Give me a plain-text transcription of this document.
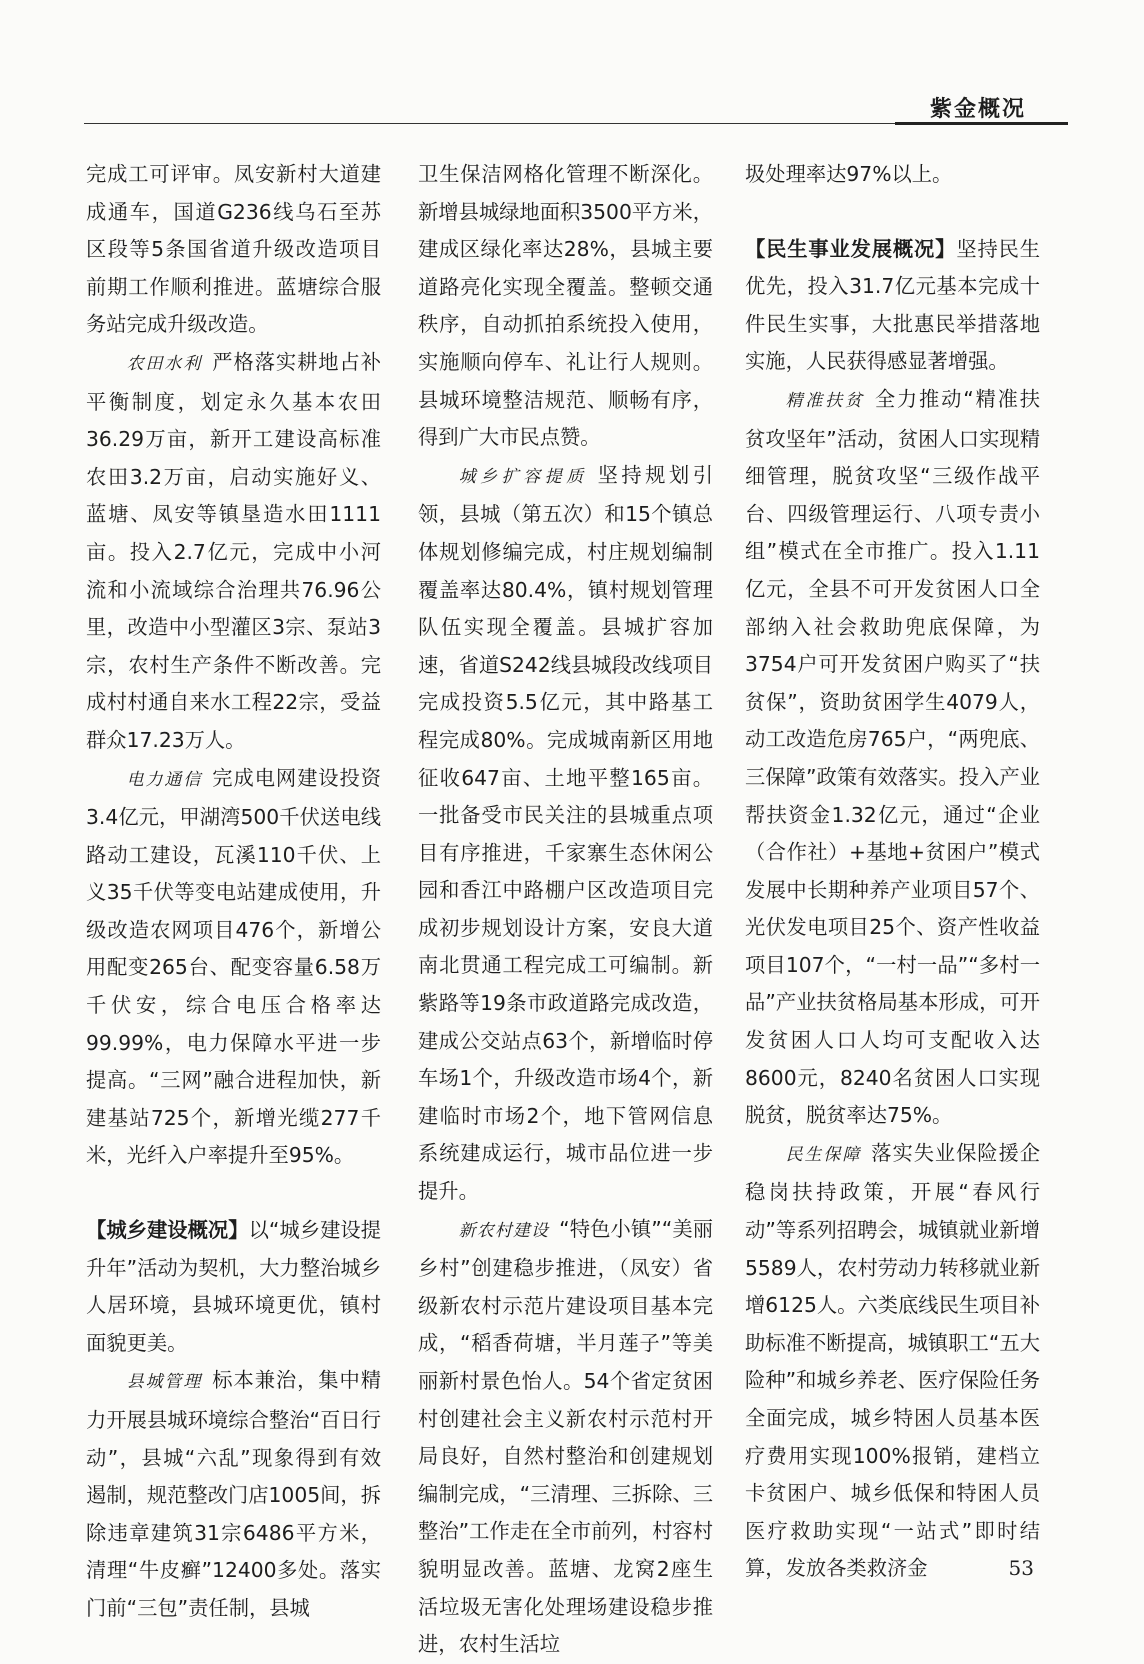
紫金概况

完成工可评审。凤安新村大道建成通车，国道G236线乌石至苏区段等5条国省道升级改造项目前期工作顺利推进。蓝塘综合服务站完成升级改造。

农田水利 严格落实耕地占补平衡制度，划定永久基本农田36.29万亩，新开工建设高标准农田3.2万亩，启动实施好义、蓝塘、凤安等镇垦造水田1111亩。投入2.7亿元，完成中小河流和小流域综合治理共76.96公里，改造中小型灌区3宗、泵站3宗，农村生产条件不断改善。完成村村通自来水工程22宗，受益群众17.23万人。

电力通信 完成电网建设投资3.4亿元，甲湖湾500千伏送电线路动工建设，瓦溪110千伏、上义35千伏等变电站建成使用，升级改造农网项目476个，新增公用配变265台、配变容量6.58万千伏安，综合电压合格率达99.99%，电力保障水平进一步提高。“三网”融合进程加快，新建基站725个，新增光缆277千米，光纤入户率提升至95%。

【城乡建设概况】以“城乡建设提升年”活动为契机，大力整治城乡人居环境，县城环境更优，镇村面貌更美。

县城管理 标本兼治，集中精力开展县城环境综合整治“百日行动”，县城“六乱”现象得到有效遏制，规范整改门店1005间，拆除违章建筑31宗6486平方米，清理“牛皮癣”12400多处。落实门前“三包”责任制，县城

卫生保洁网格化管理不断深化。新增县城绿地面积3500平方米，建成区绿化率达28%，县城主要道路亮化实现全覆盖。整顿交通秩序，自动抓拍系统投入使用，实施顺向停车、礼让行人规则。县城环境整洁规范、顺畅有序，得到广大市民点赞。

城乡扩容提质 坚持规划引领，县城（第五次）和15个镇总体规划修编完成，村庄规划编制覆盖率达80.4%，镇村规划管理队伍实现全覆盖。县城扩容加速，省道S242线县城段改线项目完成投资5.5亿元，其中路基工程完成80%。完成城南新区用地征收647亩、土地平整165亩。一批备受市民关注的县城重点项目有序推进，千家寨生态休闲公园和香江中路棚户区改造项目完成初步规划设计方案，安良大道南北贯通工程完成工可编制。新紫路等19条市政道路完成改造，建成公交站点63个，新增临时停车场1个，升级改造市场4个，新建临时市场2个，地下管网信息系统建成运行，城市品位进一步提升。

新农村建设 “特色小镇”“美丽乡村”创建稳步推进，（凤安）省级新农村示范片建设项目基本完成，“稻香荷塘，半月莲子”等美丽新村景色怡人。54个省定贫困村创建社会主义新农村示范村开局良好，自然村整治和创建规划编制完成，“三清理、三拆除、三整治”工作走在全市前列，村容村貌明显改善。蓝塘、龙窝2座生活垃圾无害化处理场建设稳步推进，农村生活垃

圾处理率达97%以上。

【民生事业发展概况】坚持民生优先，投入31.7亿元基本完成十件民生实事，大批惠民举措落地实施，人民获得感显著增强。

精准扶贫 全力推动“精准扶贫攻坚年”活动，贫困人口实现精细管理，脱贫攻坚“三级作战平台、四级管理运行、八项专责小组”模式在全市推广。投入1.11亿元，全县不可开发贫困人口全部纳入社会救助兜底保障，为3754户可开发贫困户购买了“扶贫保”，资助贫困学生4079人，动工改造危房765户，“两兜底、三保障”政策有效落实。投入产业帮扶资金1.32亿元，通过“企业（合作社）+基地+贫困户”模式发展中长期种养产业项目57个、光伏发电项目25个、资产性收益项目107个，“一村一品”“多村一品”产业扶贫格局基本形成，可开发贫困人口人均可支配收入达8600元，8240名贫困人口实现脱贫，脱贫率达75%。

民生保障 落实失业保险援企稳岗扶持政策，开展“春风行动”等系列招聘会，城镇就业新增5589人，农村劳动力转移就业新增6125人。六类底线民生项目补助标准不断提高，城镇职工“五大险种”和城乡养老、医疗保险任务全面完成，城乡特困人员基本医疗费用实现100%报销，建档立卡贫困户、城乡低保和特困人员医疗救助实现“一站式”即时结算，发放各类救济金	53
